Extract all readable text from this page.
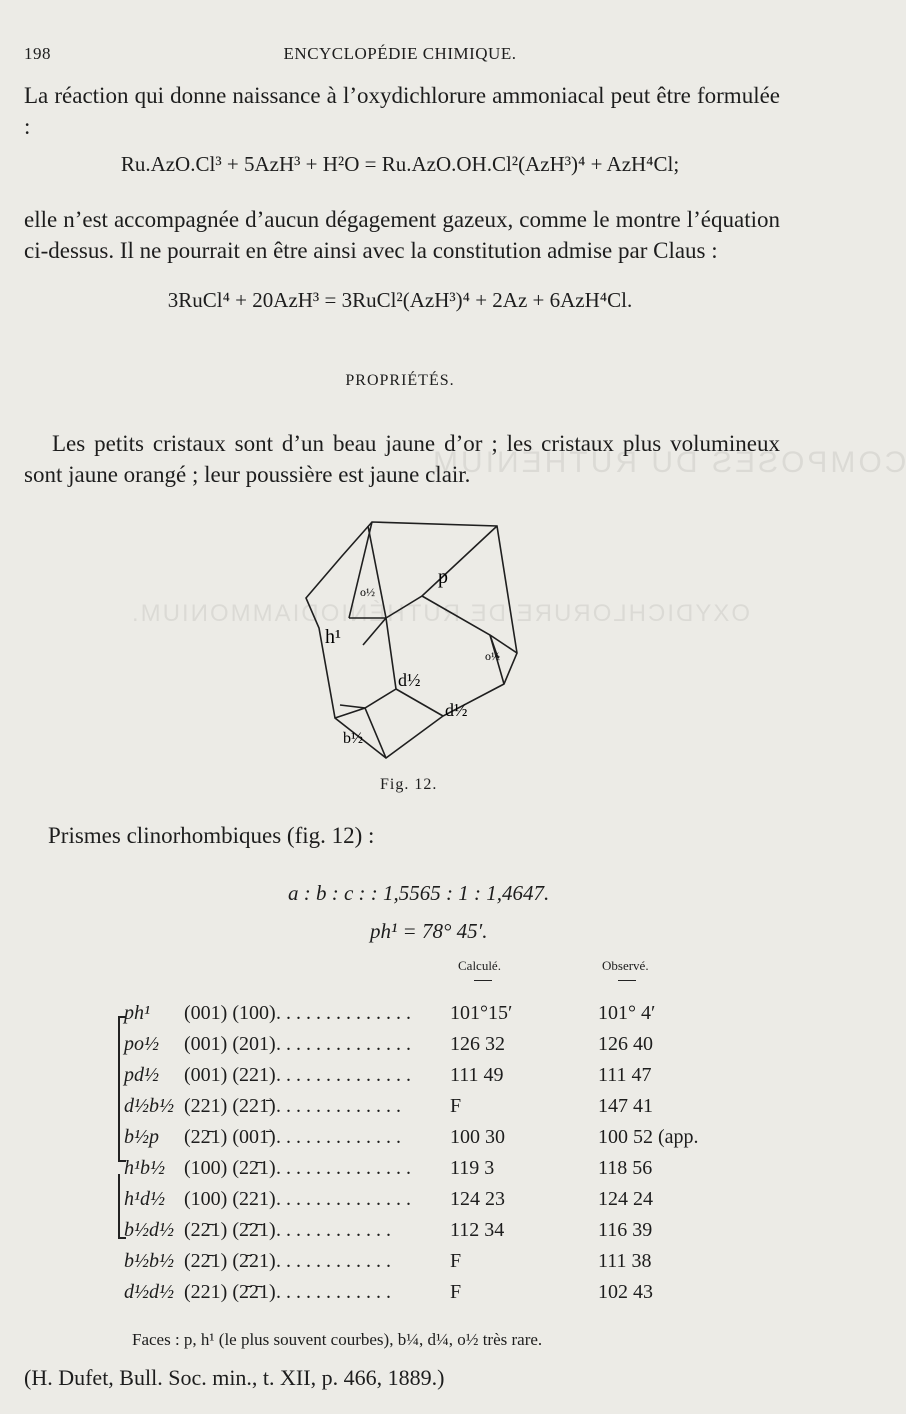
COMPOSÉS DU RUTHÉNIUM
OXYDICHLORURE DE RUTHÉNIODIAMMONIUM.
198	ENCYCLOPÉDIE CHIMIQUE.
La réaction qui donne naissance à l’oxydichlorure ammoniacal peut être formulée :
Ru.AzO.Cl³ + 5AzH³ + H²O = Ru.AzO.OH.Cl²(AzH³)⁴ + AzH⁴Cl;
elle n’est accompagnée d’aucun dégagement gazeux, comme le montre l’équation ci-dessus. Il ne pourrait en être ainsi avec la constitution admise par Claus :
3RuCl⁴ + 20AzH³ = 3RuCl²(AzH³)⁴ + 2Az + 6AzH⁴Cl.
PROPRIÉTÉS.
Les petits cristaux sont d’un beau jaune d’or ; les cristaux plus volumineux sont jaune orangé ; leur poussière est jaune clair.
p
h¹
o½
o½
d½
d½
b½
Fig. 12.
Prismes clinorhombiques (fig. 12) :
a : b : c : : 1,5565 : 1 : 1,4647.
ph¹ = 78° 45′.
Calculé.	Observé.
ph¹ (001) (100) . . . . . . . . . . . . . . 101°15′	101° 4′
po½ (001) (201) . . . . . . . . . . . . . . 126 32	126 40
pd½ (001) (221) . . . . . . . . . . . . . . 111 49	111 47
d½b½ (221) (221̄) . . . . . . . . . . . . . F	147 41
b½p (22̄1) (001̄) . . . . . . . . . . . . . 100 30	100 52 (app.
h¹b½ (100) (22̄1) . . . . . . . . . . . . . . 119 3	118 56
h¹d½ (100) (221) . . . . . . . . . . . . . . 124 23	124 24
b½d½ (22̄1) (2̄2̄1) . . . . . . . . . . . .	112 34	116 39
b½b½ (22̄1) (2̄21) . . . . . . . . . . . .	F	111 38
d½d½ (221) (2̄2̄1) . . . . . . . . . . . .	F	102 43
Faces : p, h¹ (le plus souvent courbes), b¼, d¼, o½ très rare.
(H. Dufet, Bull. Soc. min., t. XII, p. 466, 1889.)
